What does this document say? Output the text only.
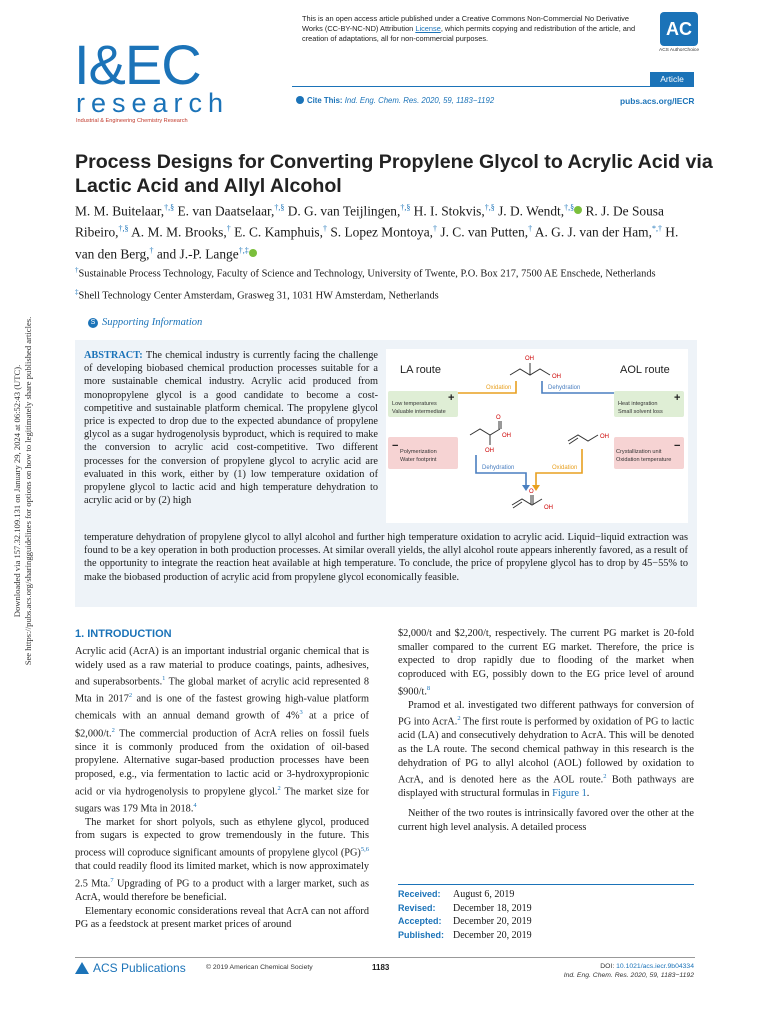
Downloaded via 157.32.109.131 on January 29, 2024 at 06:52:43 (UTC). See https://pubs.acs.org/sharingguidelines for options on how to legitimately share published articles.
I&EC
research
Industrial & Engineering Chemistry Research
This is an open access article published under a Creative Commons Non-Commercial No Derivative Works (CC-BY-NC-ND) Attribution License, which permits copying and redistribution of the article, and creation of adaptations, all for non-commercial purposes.	AC
ACS AuthorChoice
Article
Cite This: Ind. Eng. Chem. Res. 2020, 59, 1183−1192	pubs.acs.org/IECR
Process Designs for Converting Propylene Glycol to Acrylic Acid via Lactic Acid and Allyl Alcohol
M. M. Buitelaar,†,§ E. van Daatselaar,†,§ D. G. van Teijlingen,†,§ H. I. Stokvis,†,§ J. D. Wendt,†,§ R. J. De Sousa Ribeiro,†,§ A. M. M. Brooks,† E. C. Kamphuis,† S. Lopez Montoya,† J. C. van Putten,† A. G. J. van der Ham,*,† H. van den Berg,† and J.-P. Lange†,‡
†Sustainable Process Technology, Faculty of Science and Technology, University of Twente, P.O. Box 217, 7500 AE Enschede, Netherlands
‡Shell Technology Center Amsterdam, Grasweg 31, 1031 HW Amsterdam, Netherlands
S Supporting Information
ABSTRACT: The chemical industry is currently facing the challenge of developing biobased chemical production processes suitable for a more sustainable chemical industry. Acrylic acid produced from monopropylene glycol is a good candidate to become a cost-competitive and sustainable platform chemical. The propylene glycol price is expected to drop due to the expected abundance of propylene glycol as a sugar hydrogenolysis byproduct, which is required to make the conversion to acrylic acid cost-competitive. Two different processes for the conversion of propylene glycol to acrylic acid are evaluated in this work, either by (1) low temperature oxidation of propylene glycol to lactic acid and high temperature dehydration to acrylic acid or by (2) high
temperature dehydration of propylene glycol to allyl alcohol and further high temperature oxidation to acrylic acid. Liquid−liquid extraction was found to be a key operation in both production processes. At similar overall yields, the allyl alcohol route appears inherently favored, as a result of the opportunity to integrate the reaction heat available at high temperature. To conclude, the price of propylene glycol has to drop by 45−55% to make the biobased production of acrylic acid from propylene glycol economically feasible.
LA route	AOL route
OH
OH
Oxidation	Dehydration
+
Low temperatures
Valuable intermediate
+
Heat integration
Small solvent loss
O
OH
OH
OH
− Polymerization
Water footprint
−
Crystallization unit
Oxidation temperature
Dehydration	Oxidation
O
OH
1. INTRODUCTION

Acrylic acid (AcrA) is an important industrial organic chemical that is widely used as a raw material to produce coatings, paints, adhesives, and superabsorbents.$^1$ The global market of acrylic acid represented 8 Mta in 2017$^2$ and is one of the fastest growing high-value platform chemicals with an annual demand growth of 4%$^3$ at a price of $2,000/t.$^2$ The commercial production of AcrA relies on fossil fuels since it is commonly produced from the oxidation of oil-based propylene. Alternative sugar-based production processes have been proposed, e.g., via fermentation to lactic acid or 3-hydroxypropionic acid or via hydrogenolysis to propylene glycol.$^2$ The market size for sugars was 179 Mta in 2018.$^4$

The market for short polyols, such as ethylene glycol, produced from sugars is expected to grow tremendously in the future. This process will coproduce significant amounts of propylene glycol (PG)$^{5,6}$ that could readily flood its limited market, which is now approximately 2.5 Mta.$^7$ Upgrading of PG to a product with a larger market, such as AcrA, would therefore be beneficial.

Elementary economic considerations reveal that AcrA can not afford PG as a feedstock at present market prices of around

$2,000/t and $2,200/t, respectively. The current PG market is 20-fold smaller compared to the current EG market. Therefore, the price is expected to drop rapidly due to flooding of the market when coproduced with EG, possibly down to the EG price level of around $900/t.$^8$

Pramod et al. investigated two different pathways for conversion of PG into AcrA.$^2$ The first route is performed by oxidation of PG to lactic acid (LA) and consecutively dehydration to AcrA. This will be denoted as the LA route. The second chemical pathway in this research is the dehydration of PG to allyl alcohol (AOL) followed by oxidation to AcrA, and is denoted here as the AOL route.$^2$ Both pathways are displayed with structural formulas in Figure 1.

Neither of the two routes is intrinsically favored over the other at the current high level analysis. A detailed process

Received:	August 6, 2019
Revised:	December 18, 2019
Accepted:	December 20, 2019
Published: December 20, 2019
ACS Publications	© 2019 American Chemical Society	1183	DOI: 10.1021/acs.iecr.9b04334
Ind. Eng. Chem. Res. 2020, 59, 1183−1192
